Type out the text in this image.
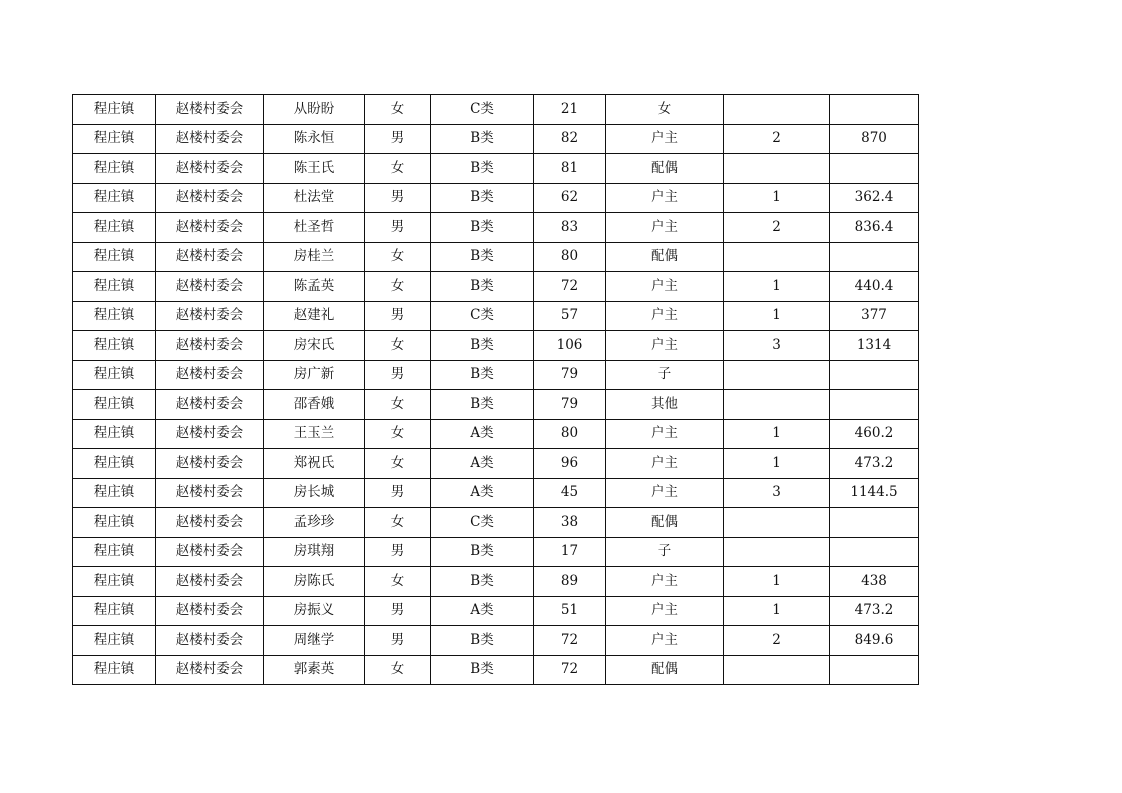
程庄镇	赵楼村委会	从盼盼	女	C类	21	女		
程庄镇	赵楼村委会	陈永恒	男	B类	82	户主	2	870
程庄镇	赵楼村委会	陈王氏	女	B类	81	配偶		
程庄镇	赵楼村委会	杜法堂	男	B类	62	户主	1	362.4
程庄镇	赵楼村委会	杜圣哲	男	B类	83	户主	2	836.4
程庄镇	赵楼村委会	房桂兰	女	B类	80	配偶		
程庄镇	赵楼村委会	陈孟英	女	B类	72	户主	1	440.4
程庄镇	赵楼村委会	赵建礼	男	C类	57	户主	1	377
程庄镇	赵楼村委会	房宋氏	女	B类	106	户主	3	1314
程庄镇	赵楼村委会	房广新	男	B类	79	子		
程庄镇	赵楼村委会	邵香娥	女	B类	79	其他		
程庄镇	赵楼村委会	王玉兰	女	A类	80	户主	1	460.2
程庄镇	赵楼村委会	郑祝氏	女	A类	96	户主	1	473.2
程庄镇	赵楼村委会	房长城	男	A类	45	户主	3	1144.5
程庄镇	赵楼村委会	孟珍珍	女	C类	38	配偶		
程庄镇	赵楼村委会	房琪翔	男	B类	17	子		
程庄镇	赵楼村委会	房陈氏	女	B类	89	户主	1	438
程庄镇	赵楼村委会	房振义	男	A类	51	户主	1	473.2
程庄镇	赵楼村委会	周继学	男	B类	72	户主	2	849.6
程庄镇	赵楼村委会	郭素英	女	B类	72	配偶		
